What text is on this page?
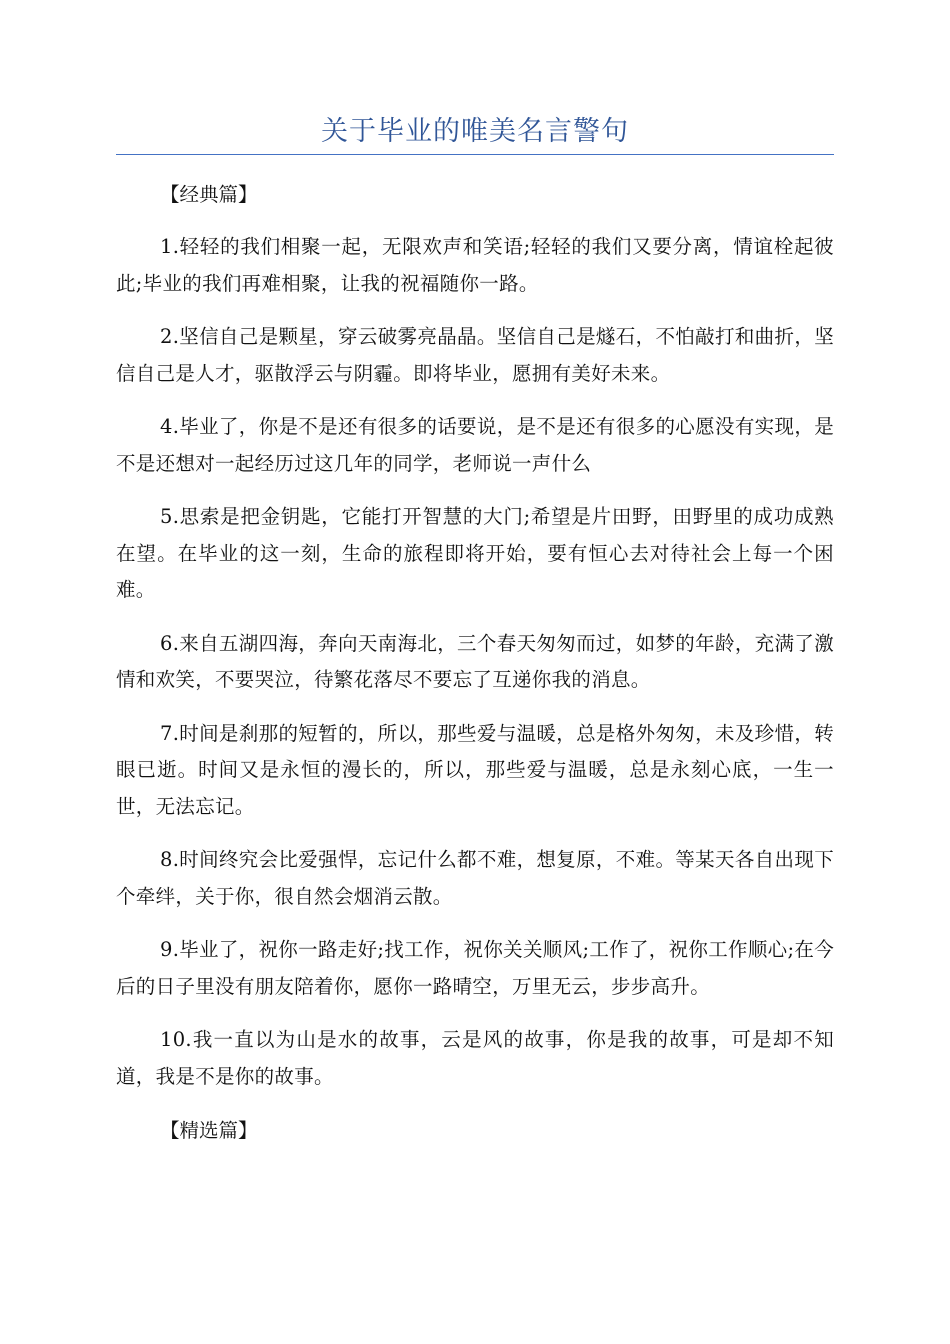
关于毕业的唯美名言警句
【经典篇】

1.轻轻的我们相聚一起，无限欢声和笑语;轻轻的我们又要分离，情谊栓起彼此;毕业的我们再难相聚，让我的祝福随你一路。

2.坚信自己是颗星，穿云破雾亮晶晶。坚信自己是燧石，不怕敲打和曲折，坚信自己是人才，驱散浮云与阴霾。即将毕业，愿拥有美好未来。

4.毕业了，你是不是还有很多的话要说，是不是还有很多的心愿没有实现，是不是还想对一起经历过这几年的同学，老师说一声什么

5.思索是把金钥匙，它能打开智慧的大门;希望是片田野，田野里的成功成熟在望。在毕业的这一刻，生命的旅程即将开始，要有恒心去对待社会上每一个困难。

6.来自五湖四海，奔向天南海北，三个春天匆匆而过，如梦的年龄，充满了激情和欢笑，不要哭泣，待繁花落尽不要忘了互递你我的消息。

7.时间是刹那的短暂的，所以，那些爱与温暖，总是格外匆匆，未及珍惜，转眼已逝。时间又是永恒的漫长的，所以，那些爱与温暖，总是永刻心底，一生一世，无法忘记。

8.时间终究会比爱强悍，忘记什么都不难，想复原，不难。等某天各自出现下个牵绊，关于你，很自然会烟消云散。

9.毕业了，祝你一路走好;找工作，祝你关关顺风;工作了，祝你工作顺心;在今后的日子里没有朋友陪着你，愿你一路晴空，万里无云，步步高升。

10.我一直以为山是水的故事，云是风的故事，你是我的故事，可是却不知道，我是不是你的故事。

【精选篇】
